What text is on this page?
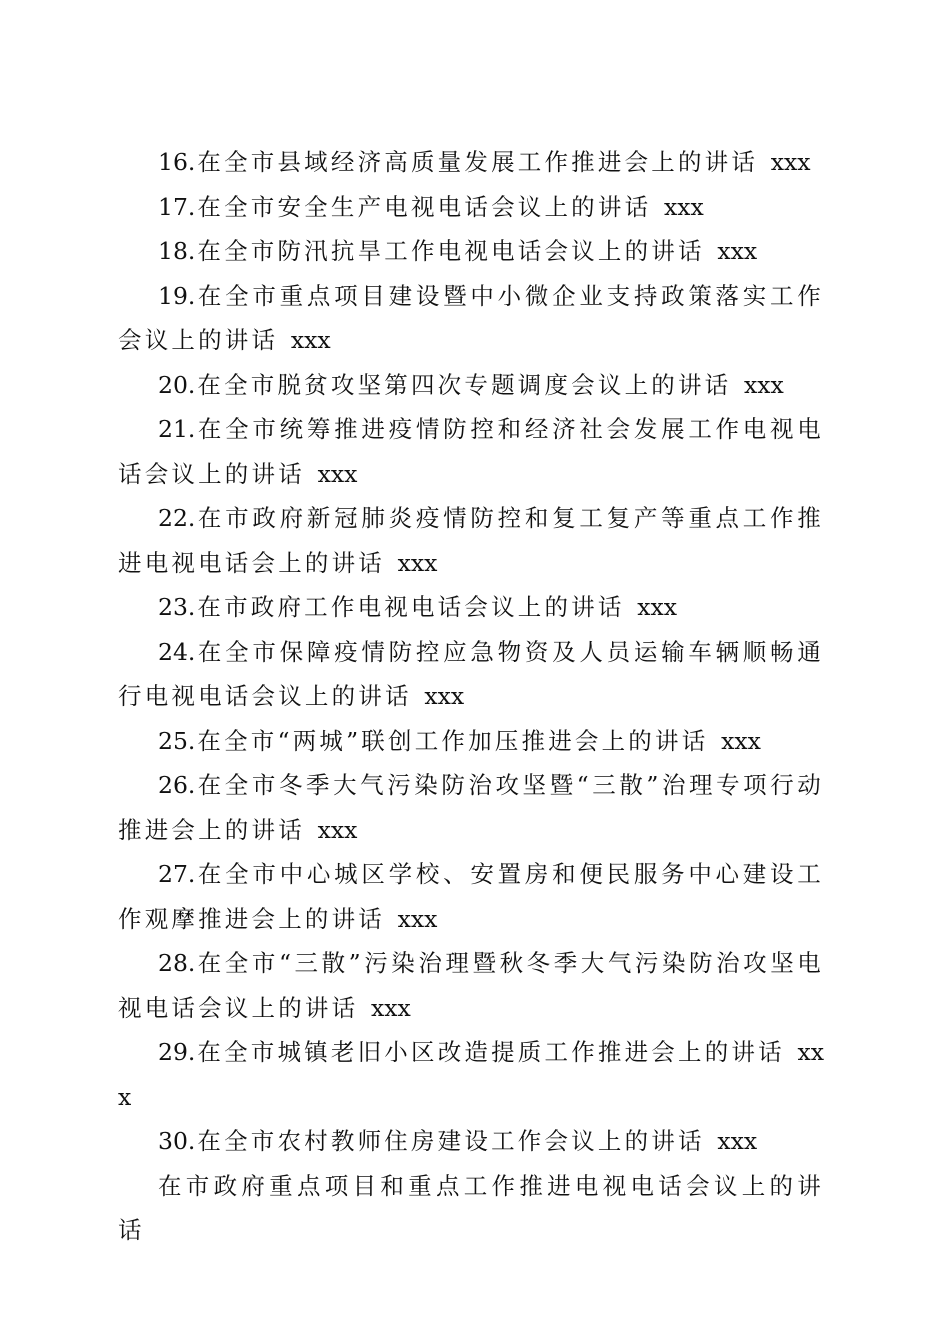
16.在全市县域经济高质量发展工作推进会上的讲话 xxx

17.在全市安全生产电视电话会议上的讲话 xxx

18.在全市防汛抗旱工作电视电话会议上的讲话 xxx

19.在全市重点项目建设暨中小微企业支持政策落实工作会议上的讲话 xxx

20.在全市脱贫攻坚第四次专题调度会议上的讲话 xxx

21.在全市统筹推进疫情防控和经济社会发展工作电视电话会议上的讲话 xxx

22.在市政府新冠肺炎疫情防控和复工复产等重点工作推进电视电话会上的讲话 xxx

23.在市政府工作电视电话会议上的讲话 xxx

24.在全市保障疫情防控应急物资及人员运输车辆顺畅通行电视电话会议上的讲话 xxx

25.在全市“两城”联创工作加压推进会上的讲话 xxx

26.在全市冬季大气污染防治攻坚暨“三散”治理专项行动推进会上的讲话 xxx

27.在全市中心城区学校、安置房和便民服务中心建设工作观摩推进会上的讲话 xxx

28.在全市“三散”污染治理暨秋冬季大气污染防治攻坚电视电话会议上的讲话 xxx

29.在全市城镇老旧小区改造提质工作推进会上的讲话 xxx

30.在全市农村教师住房建设工作会议上的讲话 xxx

在市政府重点项目和重点工作推进电视电话会议上的讲话
